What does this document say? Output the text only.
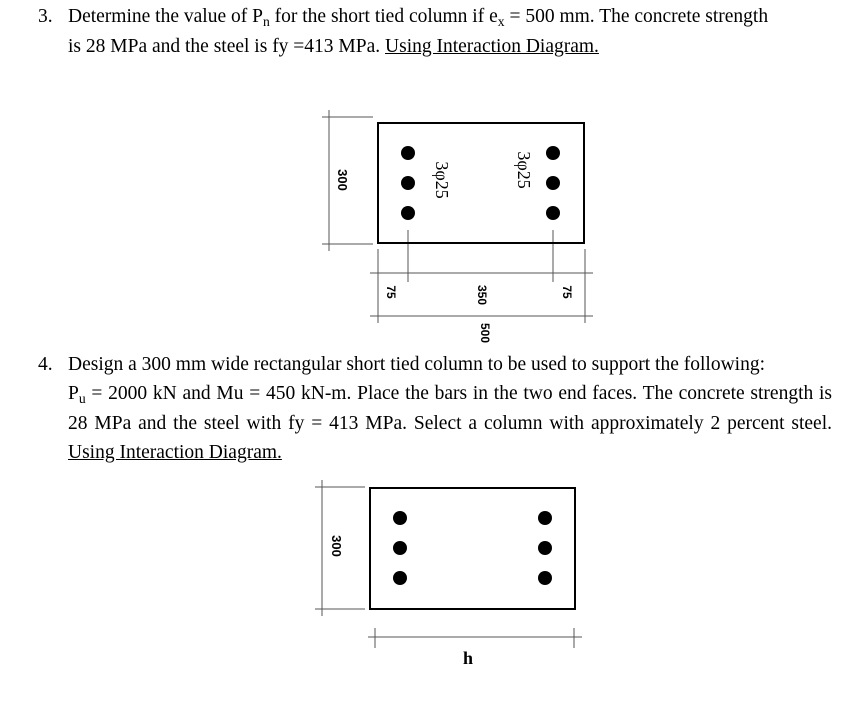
3. Determine the value of $P_n$ for the short tied column if $e_x = 500$ mm. The concrete strength
is 28 MPa and the steel is fy =413 MPa. Using Interaction Diagram.
300	3φ25	3φ25
75	350	75
500
4. Design a 300 mm wide rectangular short tied column to be used to support the following:
$P_u = 2000$ kN and Mu = 450 kN-m. Place the bars in the two end faces. The concrete strength is 28 MPa and the steel with fy = 413 MPa. Select a column with approximately 2 percent steel. Using Interaction Diagram.
300
h
